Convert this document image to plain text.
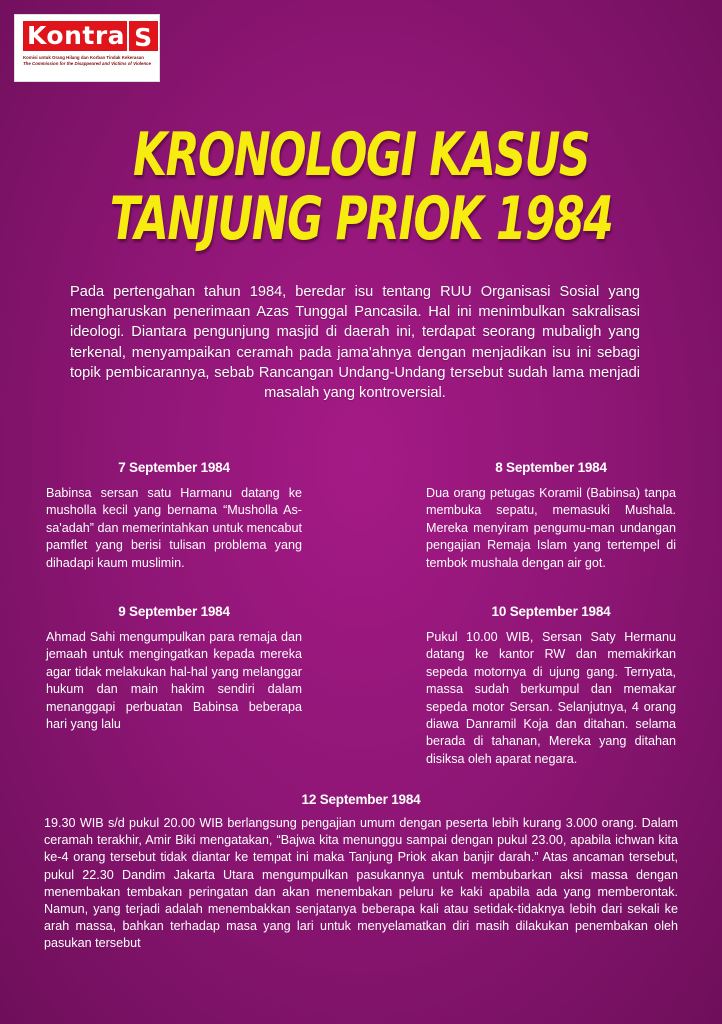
Kontra S
Komisi untuk Orang Hilang dan Korban Tindak Kekerasan
The Commission for the Disappeared and Victims of Violence
KRONOLOGI KASUS
TANJUNG PRIOK 1984
Pada pertengahan tahun 1984, beredar isu tentang RUU Organisasi Sosial yang mengharuskan penerimaan Azas Tunggal Pancasila. Hal ini menimbulkan sakralisasi ideologi. Diantara pengunjung masjid di daerah ini, terdapat seorang mubaligh yang terkenal, menyampaikan ceramah pada jama'ahnya dengan menjadikan isu ini sebagi topik pembicarannya, sebab Rancangan Undang-Undang tersebut sudah lama menjadi masalah yang kontroversial.
7 September 1984

Babinsa sersan satu Harmanu datang ke musholla kecil yang bernama “Musholla As-sa'adah” dan memerintahkan untuk mencabut pamflet yang berisi tulisan problema yang dihadapi kaum muslimin.

8 September 1984

Dua orang petugas Koramil (Babinsa) tanpa membuka sepatu, memasuki Mushala. Mereka menyiram pengumu-man undangan pengajian Remaja Islam yang tertempel di tembok mushala dengan air got.

9 September 1984

Ahmad Sahi mengumpulkan para remaja dan jemaah untuk mengingatkan kepada mereka agar tidak melakukan hal-hal yang melanggar hukum dan main hakim sendiri dalam menanggapi perbuatan Babinsa beberapa hari yang lalu

10 September 1984

Pukul 10.00 WIB, Sersan Saty Hermanu datang ke kantor RW dan memakirkan sepeda motornya di ujung gang. Ternyata, massa sudah berkumpul dan memakar sepeda motor Sersan. Selanjutnya, 4 orang diawa Danramil Koja dan ditahan. selama berada di tahanan, Mereka yang ditahan disiksa oleh aparat negara.

12 September 1984

19.30 WIB s/d pukul 20.00 WIB berlangsung pengajian umum dengan peserta lebih kurang 3.000 orang. Dalam ceramah terakhir, Amir Biki mengatakan, “Bajwa kita menunggu sampai dengan pukul 23.00, apabila ichwan kita ke-4 orang tersebut tidak diantar ke tempat ini maka Tanjung Priok akan banjir darah.” Atas ancaman tersebut, pukul 22.30 Dandim Jakarta Utara mengumpulkan pasukannya untuk membubarkan aksi massa dengan menembakan tembakan peringatan dan akan menembakan peluru ke kaki apabila ada yang memberontak. Namun, yang terjadi adalah menembakkan senjatanya beberapa kali atau setidak-tidaknya lebih dari sekali ke arah massa, bahkan terhadap masa yang lari untuk menyelamatkan diri masih dilakukan penembakan oleh pasukan tersebut
